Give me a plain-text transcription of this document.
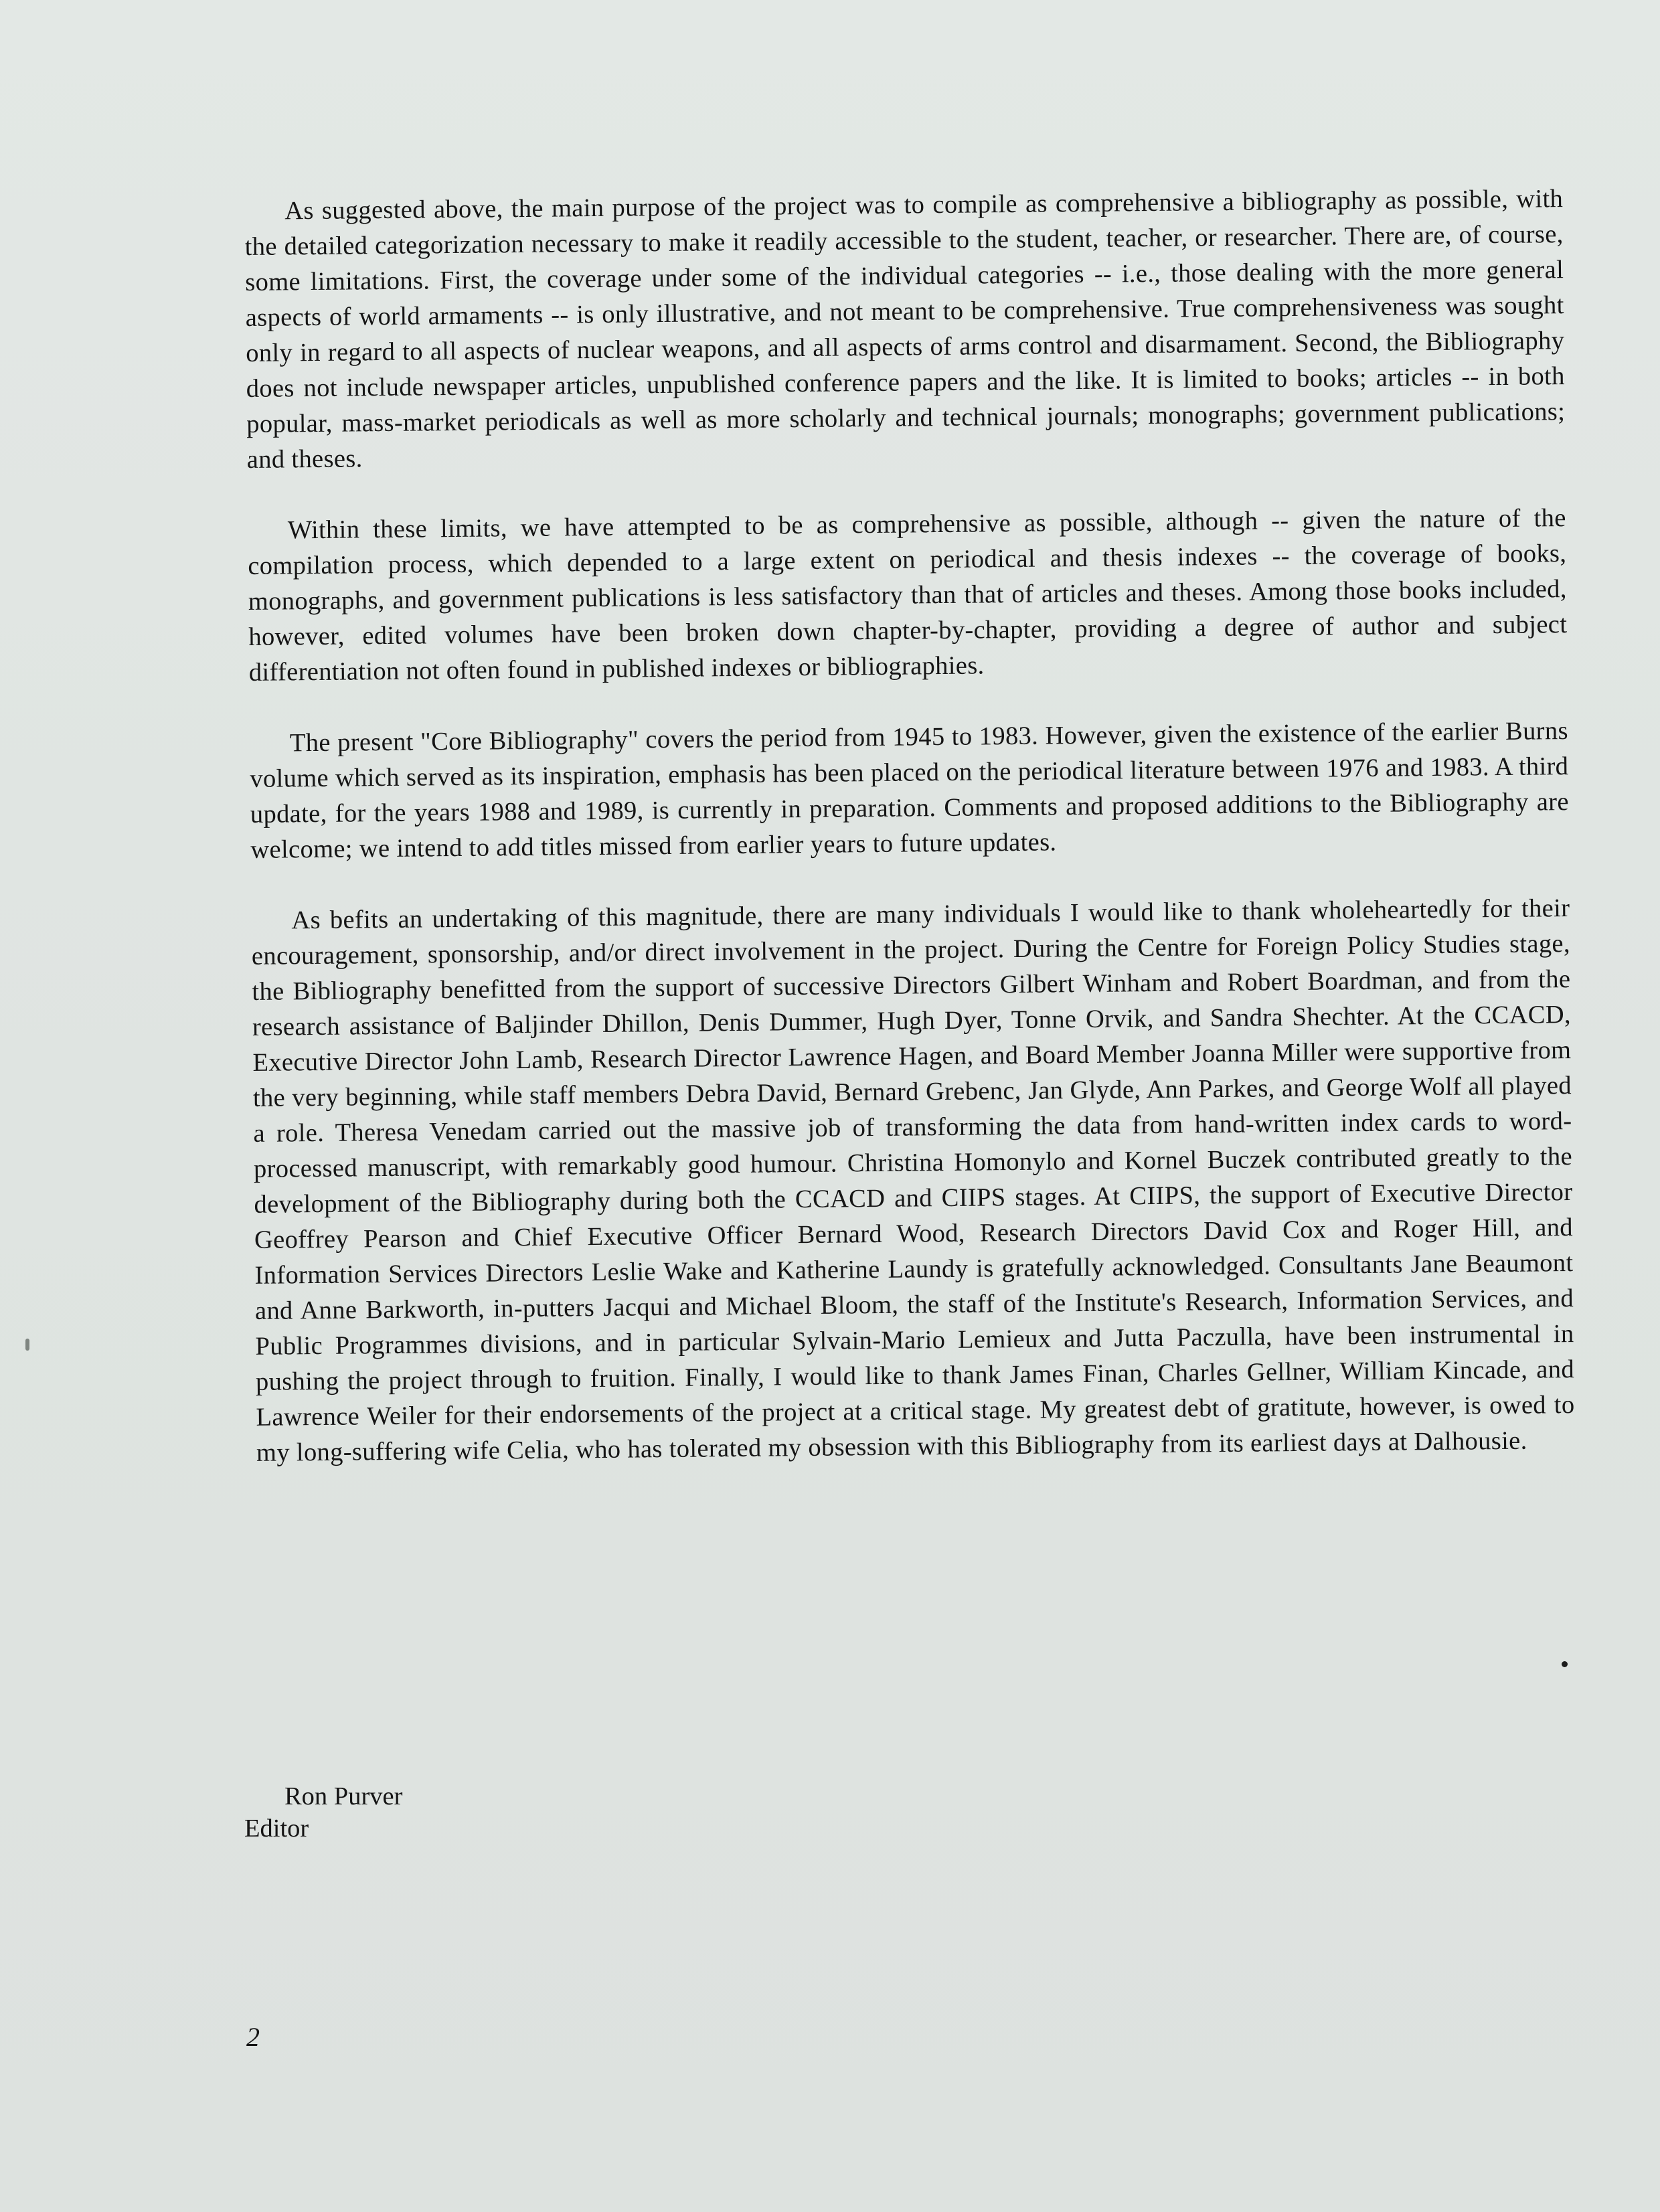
As suggested above, the main purpose of the project was to compile as comprehensive a bibliography as possible, with the detailed categorization necessary to make it readily accessible to the student, teacher, or researcher. There are, of course, some limitations. First, the coverage under some of the individual categories -- i.e., those dealing with the more general aspects of world armaments -- is only illustrative, and not meant to be comprehensive. True comprehensiveness was sought only in regard to all aspects of nuclear weapons, and all aspects of arms control and disarmament. Second, the Bibliography does not include newspaper articles, unpublished conference papers and the like. It is limited to books; articles -- in both popular, mass-market periodicals as well as more scholarly and technical journals; monographs; government publications; and theses.

Within these limits, we have attempted to be as comprehensive as possible, although -- given the nature of the compilation process, which depended to a large extent on periodical and thesis indexes -- the coverage of books, monographs, and government publications is less satisfactory than that of articles and theses. Among those books included, however, edited volumes have been broken down chapter-by-chapter, providing a degree of author and subject differentiation not often found in published indexes or bibliographies.

The present "Core Bibliography" covers the period from 1945 to 1983. However, given the existence of the earlier Burns volume which served as its inspiration, emphasis has been placed on the periodical literature between 1976 and 1983. A third update, for the years 1988 and 1989, is currently in preparation. Comments and proposed additions to the Bibliography are welcome; we intend to add titles missed from earlier years to future updates.

As befits an undertaking of this magnitude, there are many individuals I would like to thank wholeheartedly for their encouragement, sponsorship, and/or direct involvement in the project. During the Centre for Foreign Policy Studies stage, the Bibliography benefitted from the support of successive Directors Gilbert Winham and Robert Boardman, and from the research assistance of Baljinder Dhillon, Denis Dummer, Hugh Dyer, Tonne Orvik, and Sandra Shechter. At the CCACD, Executive Director John Lamb, Research Director Lawrence Hagen, and Board Member Joanna Miller were supportive from the very beginning, while staff members Debra David, Bernard Grebenc, Jan Glyde, Ann Parkes, and George Wolf all played a role. Theresa Venedam carried out the massive job of transforming the data from hand-written index cards to word-processed manuscript, with remarkably good humour. Christina Homonylo and Kornel Buczek contributed greatly to the development of the Bibliography during both the CCACD and CIIPS stages. At CIIPS, the support of Executive Director Geoffrey Pearson and Chief Executive Officer Bernard Wood, Research Directors David Cox and Roger Hill, and Information Services Directors Leslie Wake and Katherine Laundy is gratefully acknowledged. Consultants Jane Beaumont and Anne Barkworth, in-putters Jacqui and Michael Bloom, the staff of the Institute's Research, Information Services, and Public Programmes divisions, and in particular Sylvain-Mario Lemieux and Jutta Paczulla, have been instrumental in pushing the project through to fruition. Finally, I would like to thank James Finan, Charles Gellner, William Kincade, and Lawrence Weiler for their endorsements of the project at a critical stage. My greatest debt of gratitute, however, is owed to my long-suffering wife Celia, who has tolerated my obsession with this Bibliography from its earliest days at Dalhousie.

Ron Purver
Editor
2
